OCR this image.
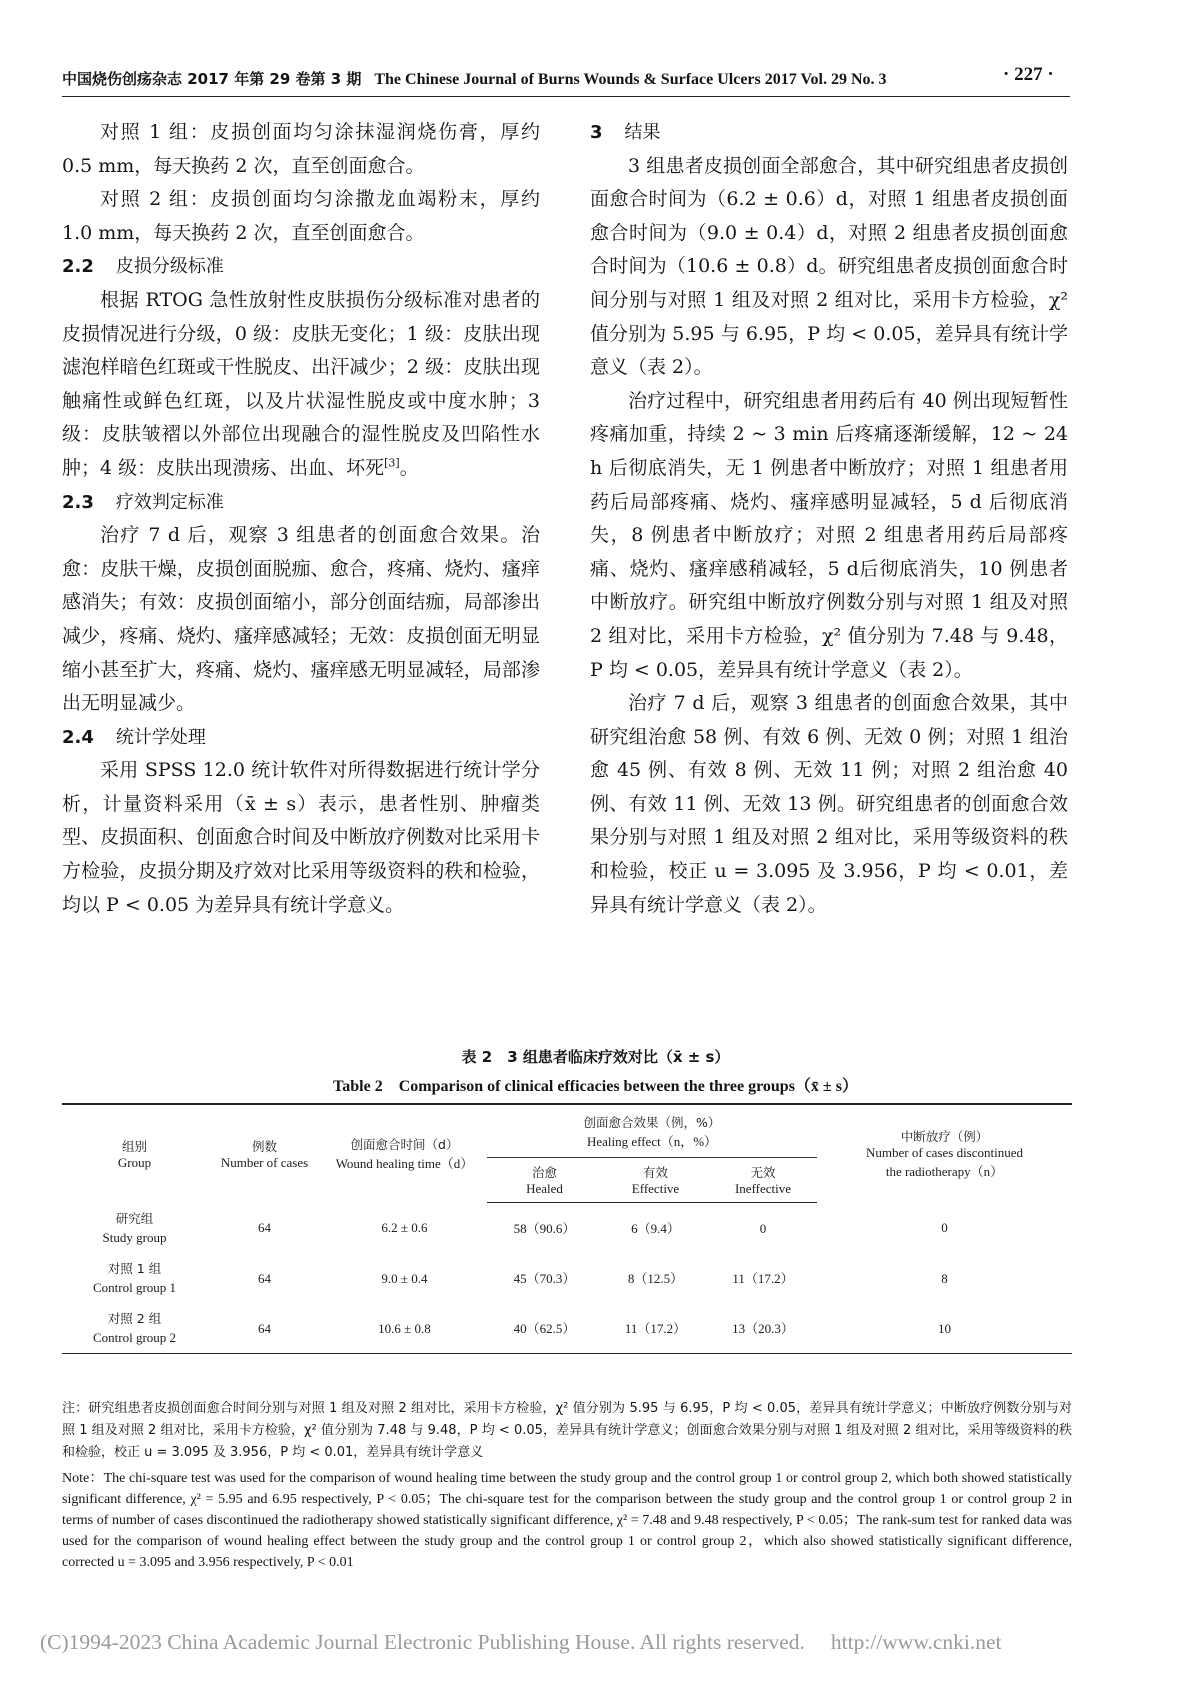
中国烧伤创疡杂志 2017 年第 29 卷第 3 期 The Chinese Journal of Burns Wounds & Surface Ulcers 2017 Vol. 29 No. 3	· 227 ·

对照 1 组：皮损创面均匀涂抹湿润烧伤膏，厚约 0.5 mm，每天换药 2 次，直至创面愈合。

对照 2 组：皮损创面均匀涂撒龙血竭粉末，厚约 1.0 mm，每天换药 2 次，直至创面愈合。

2.2 皮损分级标准

根据 RTOG 急性放射性皮肤损伤分级标准对患者的皮损情况进行分级，0 级：皮肤无变化；1 级：皮肤出现滤泡样暗色红斑或干性脱皮、出汗减少；2 级：皮肤出现触痛性或鲜色红斑，以及片状湿性脱皮或中度水肿；3 级：皮肤皱褶以外部位出现融合的湿性脱皮及凹陷性水肿；4 级：皮肤出现溃疡、出血、坏死[3]。

2.3 疗效判定标准

治疗 7 d 后，观察 3 组患者的创面愈合效果。治愈：皮肤干燥，皮损创面脱痂、愈合，疼痛、烧灼、瘙痒感消失；有效：皮损创面缩小，部分创面结痂，局部渗出减少，疼痛、烧灼、瘙痒感减轻；无效：皮损创面无明显缩小甚至扩大，疼痛、烧灼、瘙痒感无明显减轻，局部渗出无明显减少。

2.4 统计学处理

采用 SPSS 12.0 统计软件对所得数据进行统计学分析，计量资料采用（x̄ ± s）表示，患者性别、肿瘤类型、皮损面积、创面愈合时间及中断放疗例数对比采用卡方检验，皮损分期及疗效对比采用等级资料的秩和检验，均以 P < 0.05 为差异具有统计学意义。

3 结果

3 组患者皮损创面全部愈合，其中研究组患者皮损创面愈合时间为（6.2 ± 0.6）d，对照 1 组患者皮损创面愈合时间为（9.0 ± 0.4）d，对照 2 组患者皮损创面愈合时间为（10.6 ± 0.8）d。研究组患者皮损创面愈合时间分别与对照 1 组及对照 2 组对比，采用卡方检验，χ² 值分别为 5.95 与 6.95，P 均 < 0.05，差异具有统计学意义（表 2）。

治疗过程中，研究组患者用药后有 40 例出现短暂性疼痛加重，持续 2 ~ 3 min 后疼痛逐渐缓解，12 ~ 24 h 后彻底消失，无 1 例患者中断放疗；对照 1 组患者用药后局部疼痛、烧灼、瘙痒感明显减轻，5 d 后彻底消失，8 例患者中断放疗；对照 2 组患者用药后局部疼痛、烧灼、瘙痒感稍减轻，5 d后彻底消失，10 例患者中断放疗。研究组中断放疗例数分别与对照 1 组及对照 2 组对比，采用卡方检验，χ² 值分别为 7.48 与 9.48，P 均 < 0.05，差异具有统计学意义（表 2）。

治疗 7 d 后，观察 3 组患者的创面愈合效果，其中研究组治愈 58 例、有效 6 例、无效 0 例；对照 1 组治愈 45 例、有效 8 例、无效 11 例；对照 2 组治愈 40 例、有效 11 例、无效 13 例。研究组患者的创面愈合效果分别与对照 1 组及对照 2 组对比，采用等级资料的秩和检验，校正 u = 3.095 及 3.956，P 均 < 0.01，差异具有统计学意义（表 2）。

表 2　3 组患者临床疗效对比（x̄ ± s）
Table 2　Comparison of clinical efficacies between the three groups（x̄ ± s）
组别
Group	例数
Number of cases	创面愈合时间（d）
Wound healing time（d）	创面愈合效果（例，%）
Healing effect（n，%）			中断放疗（例）
Number of cases discontinued
the radiotherapy（n）

			治愈
Healed	有效
Effective	无效
Ineffective	

研究组
Study group	64	6.2 ± 0.6	58（90.6）	6（9.4）	0	0

对照 1 组
Control group 1	64	9.0 ± 0.4	45（70.3）	8（12.5）	11（17.2）	8

对照 2 组
Control group 2	64	10.6 ± 0.8	40（62.5）	11（17.2）	13（20.3）	10
注：研究组患者皮损创面愈合时间分别与对照 1 组及对照 2 组对比，采用卡方检验，χ² 值分别为 5.95 与 6.95，P 均 < 0.05，差异具有统计学意义；中断放疗例数分别与对照 1 组及对照 2 组对比，采用卡方检验，χ² 值分别为 7.48 与 9.48，P 均 < 0.05，差异具有统计学意义；创面愈合效果分别与对照 1 组及对照 2 组对比，采用等级资料的秩和检验，校正 u = 3.095 及 3.956，P 均 < 0.01，差异具有统计学意义
Note：The chi-square test was used for the comparison of wound healing time between the study group and the control group 1 or control group 2, which both showed statistically significant difference, χ² = 5.95 and 6.95 respectively, P < 0.05；The chi-square test for the comparison between the study group and the control group 1 or control group 2 in terms of number of cases discontinued the radiotherapy showed statistically significant difference, χ² = 7.48 and 9.48 respectively, P < 0.05；The rank-sum test for ranked data was used for the comparison of wound healing effect between the study group and the control group 1 or control group 2，which also showed statistically significant difference, corrected u = 3.095 and 3.956 respectively, P < 0.01
(C)1994-2023 China Academic Journal Electronic Publishing House. All rights reserved. http://www.cnki.net
